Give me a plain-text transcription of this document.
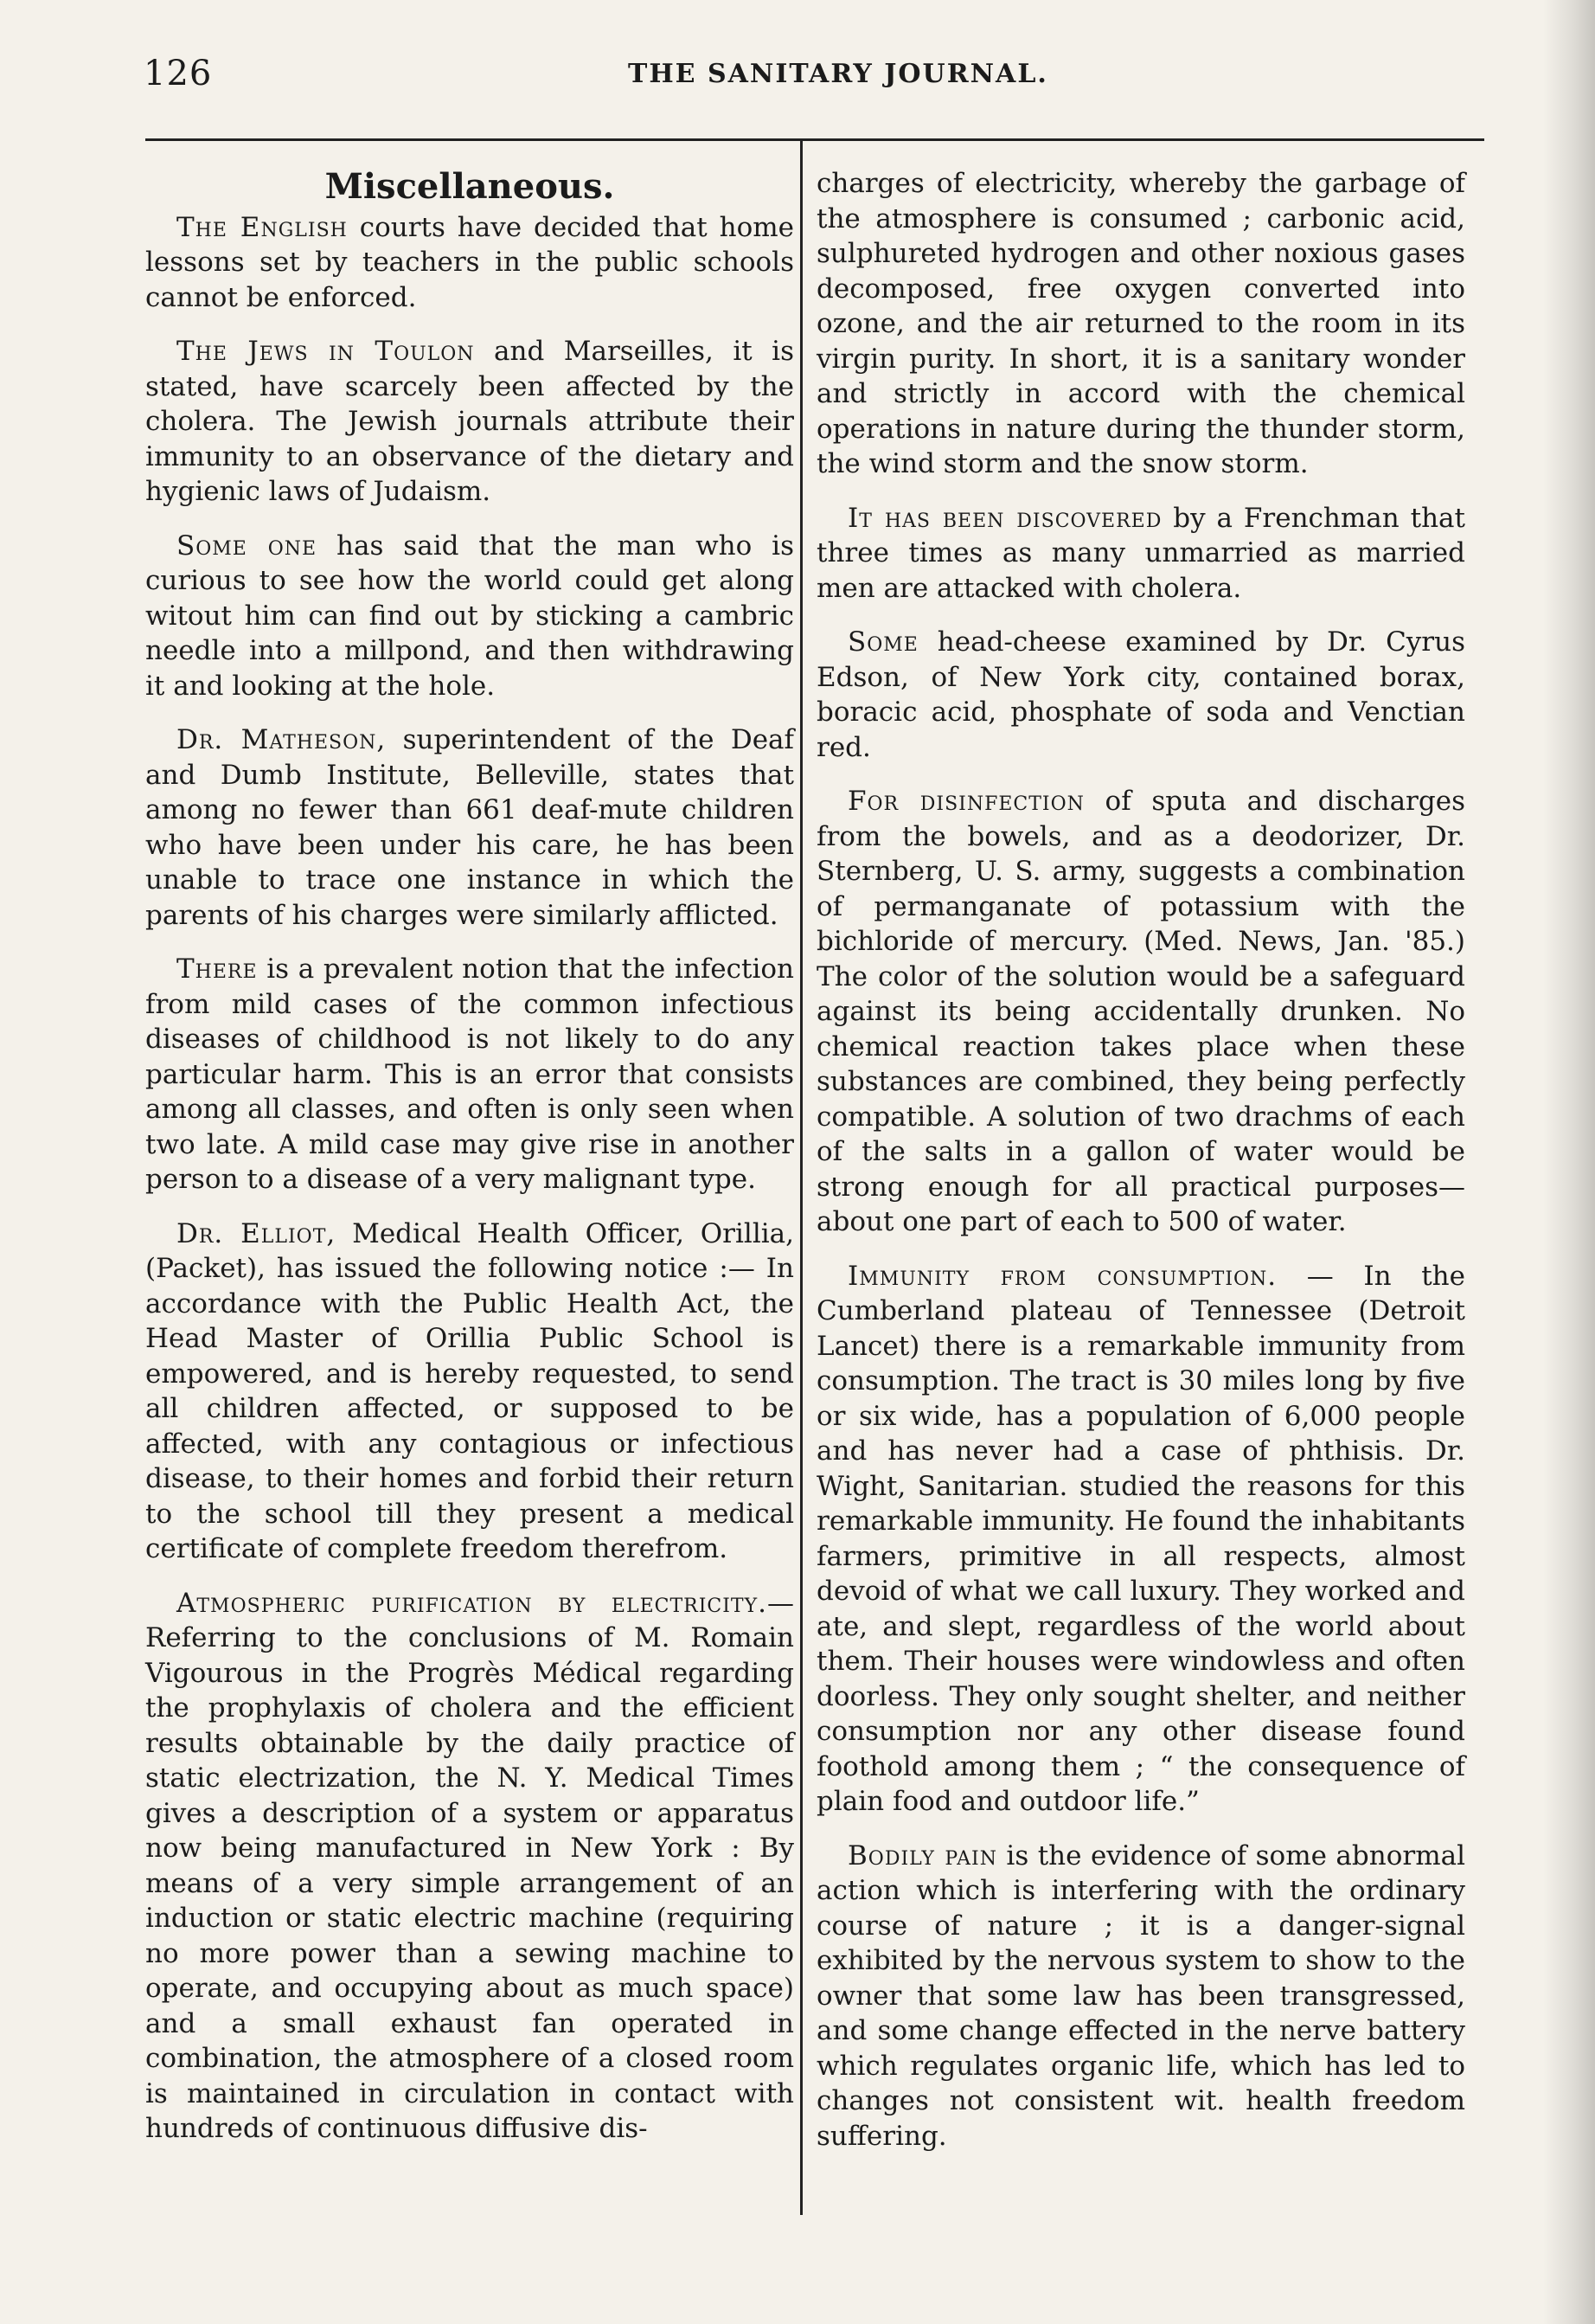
126	THE SANITARY JOURNAL.
Miscellaneous.

The English courts have decided that home lessons set by teachers in the public schools cannot be enforced.

The Jews in Toulon and Marseilles, it is stated, have scarcely been affected by the cholera. The Jewish journals attribute their immunity to an observance of the dietary and hygienic laws of Judaism.

Some one has said that the man who is curious to see how the world could get along witout him can find out by sticking a cambric needle into a millpond, and then withdrawing it and looking at the hole.

Dr. Matheson, superintendent of the Deaf and Dumb Institute, Belleville, states that among no fewer than 661 deaf-mute children who have been under his care, he has been unable to trace one instance in which the parents of his charges were similarly afflicted.

There is a prevalent notion that the infection from mild cases of the common infectious diseases of childhood is not likely to do any particular harm. This is an error that consists among all classes, and often is only seen when two late. A mild case may give rise in another person to a disease of a very malignant type.

Dr. Elliot, Medical Health Officer, Orillia, (Packet), has issued the following notice :— In accordance with the Public Health Act, the Head Master of Orillia Public School is empowered, and is hereby requested, to send all children affected, or supposed to be affected, with any contagious or infectious disease, to their homes and forbid their return to the school till they present a medical certificate of complete freedom therefrom.

Atmospheric purification by electricity.—Referring to the conclusions of M. Romain Vigourous in the Progrès Médical regarding the prophylaxis of cholera and the efficient results obtainable by the daily practice of static electrization, the N. Y. Medical Times gives a description of a system or apparatus now being manufactured in New York : By means of a very simple arrangement of an induction or static electric machine (requiring no more power than a sewing machine to operate, and occupying about as much space) and a small exhaust fan operated in combination, the atmosphere of a closed room is maintained in circulation in contact with hundreds of continuous diffusive dis-

charges of electricity, whereby the garbage of the atmosphere is consumed ; carbonic acid, sulphureted hydrogen and other noxious gases decomposed, free oxygen converted into ozone, and the air returned to the room in its virgin purity. In short, it is a sanitary wonder and strictly in accord with the chemical operations in nature during the thunder storm, the wind storm and the snow storm.

It has been discovered by a Frenchman that three times as many unmarried as married men are attacked with cholera.

Some head-cheese examined by Dr. Cyrus Edson, of New York city, contained borax, boracic acid, phosphate of soda and Venctian red.

For disinfection of sputa and discharges from the bowels, and as a deodorizer, Dr. Sternberg, U. S. army, suggests a combination of permanganate of potassium with the bichloride of mercury. (Med. News, Jan. '85.) The color of the solution would be a safeguard against its being accidentally drunken. No chemical reaction takes place when these substances are combined, they being perfectly compatible. A solution of two drachms of each of the salts in a gallon of water would be strong enough for all practical purposes—about one part of each to 500 of water.

Immunity from consumption. — In the Cumberland plateau of Tennessee (Detroit Lancet) there is a remarkable immunity from consumption. The tract is 30 miles long by five or six wide, has a population of 6,000 people and has never had a case of phthisis. Dr. Wight, Sanitarian. studied the reasons for this remarkable immunity. He found the inhabitants farmers, primitive in all respects, almost devoid of what we call luxury. They worked and ate, and slept, regardless of the world about them. Their houses were windowless and often doorless. They only sought shelter, and neither consumption nor any other disease found foothold among them ; “ the consequence of plain food and outdoor life.”

Bodily pain is the evidence of some abnormal action which is interfering with the ordinary course of nature ; it is a danger-signal exhibited by the nervous system to show to the owner that some law has been transgressed, and some change effected in the nerve battery which regulates organic life, which has led to changes not consistent wit. health freedom suffering.
